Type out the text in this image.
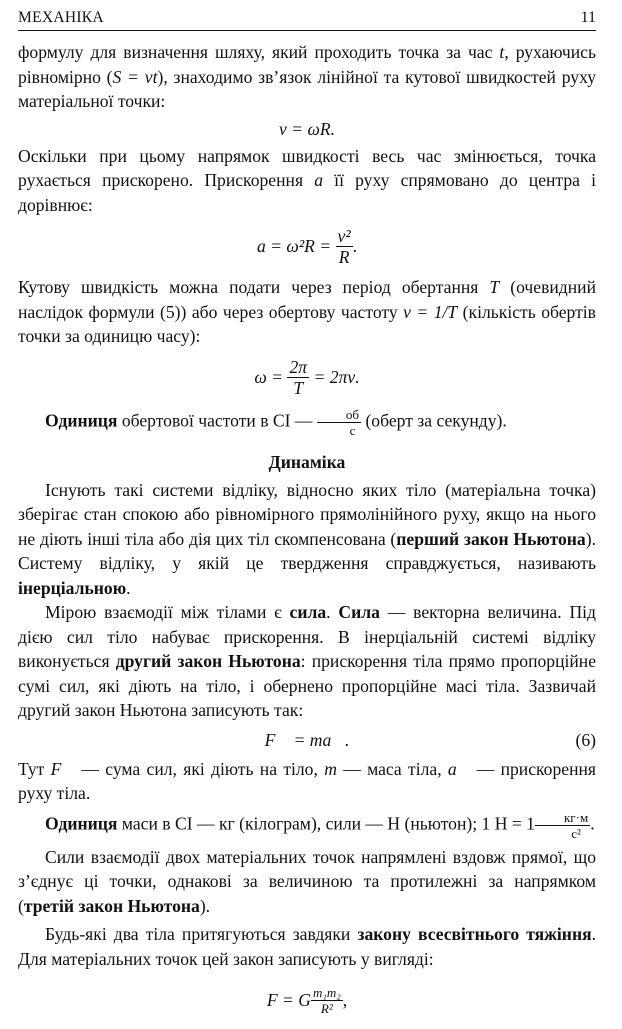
МЕХАНІКА	11

формулу для визначення шляху, який проходить точка за час t, рухаючись рівномірно (S = vt), знаходимо зв’язок лінійної та кутової швидкостей руху матеріальної точки:

v = ωR.

Оскільки при цьому напрямок швидкості весь час змінюється, точка рухається прискорено. Прискорення a її руху спрямовано до центра і дорівнює:

a = ω²R =
$\frac{\text{v²}}{R}$ .

Кутову швидкість можна подати через період обертання T (очевидний наслідок формули (5)) або через обертову частоту ν = 1/T (кількість обертів точки за одиницю часу):

ω =
$\frac{2\pi}{T}$
= 2πν.

Одиниця обертової частоти в СІ — $\frac{об}{с}$ (оберт за секунду).

Динаміка

Існують такі системи відліку, відносно яких тіло (матеріальна точка) зберігає стан спокою або рівномірного прямолінійного руху, якщо на нього не діють інші тіла або дія цих тіл скомпенсована (перший закон Ньютона). Систему відліку, у якій це твердження справджується, називають інерціальною.

Мірою взаємодії між тілами є сила. Сила — векторна величина. Під дією сил тіло набуває прискорення. В інерціальній системі відліку виконується другий закон Ньютона: прискорення тіла прямо пропорційне сумі сил, які діють на тіло, і обернено пропорційне масі тіла. Зазвичай другий закон Ньютона записують так:

F⃗ = ma⃗.	(6)

Тут F⃗ — сума сил, які діють на тіло, m — маса тіла, a⃗ — прискорення руху тіла.

Одиниця маси в СІ — кг (кілограм), сили — Н (ньютон); 1 $Н = 1 \frac{кг\cdot м}{\text{с²}}$ .

Сили взаємодії двох матеріальних точок напрямлені вздовж прямої, що з’єднує ці точки, однакові за величиною та протилежні за напрямком (третій закон Ньютона).

Будь-які два тіла притягуються завдяки закону всесвітнього тяжіння. Для матеріальних точок цей закон записують у вигляді:

F = G $\frac{\text{m₁m₂}}{\text{R²}}$ ,
